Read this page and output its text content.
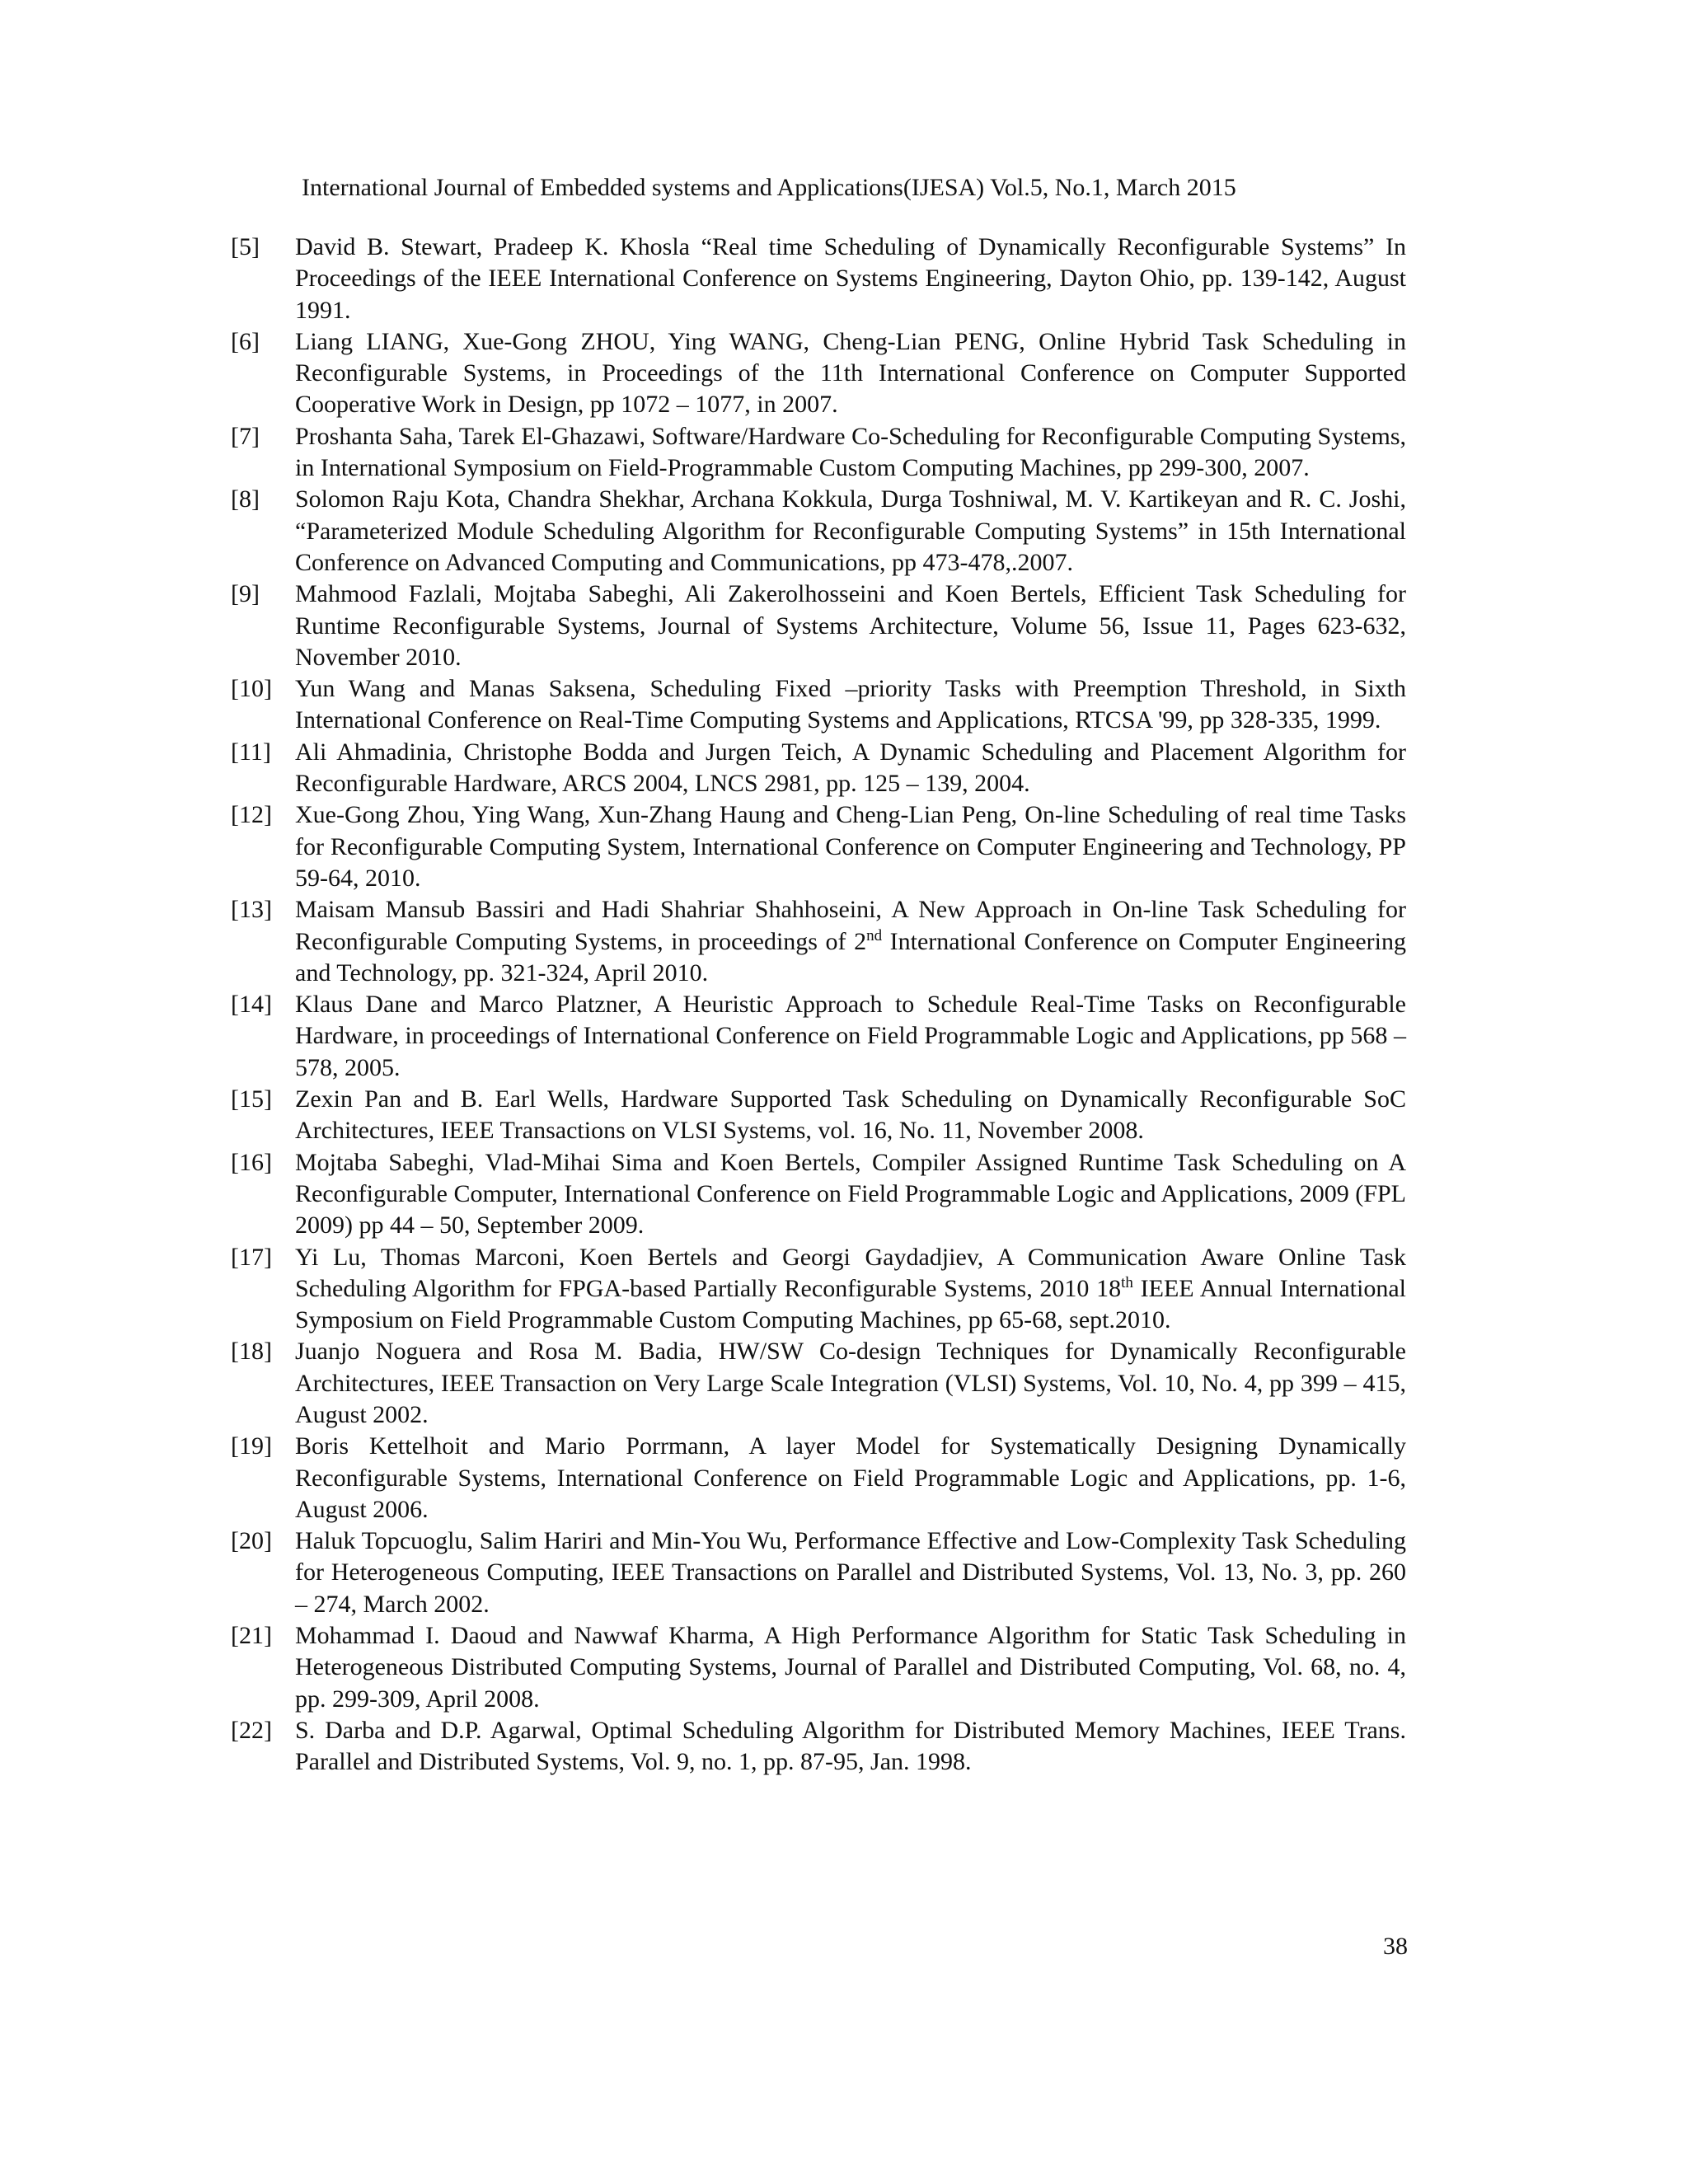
International Journal of Embedded systems and Applications(IJESA) Vol.5, No.1, March 2015
[5]	David B. Stewart, Pradeep K. Khosla “Real time Scheduling of Dynamically Reconfigurable Systems” In Proceedings of the IEEE International Conference on Systems Engineering, Dayton Ohio, pp. 139-142, August 1991.
[6]	Liang LIANG, Xue-Gong ZHOU, Ying WANG, Cheng-Lian PENG, Online Hybrid Task Scheduling in Reconfigurable Systems, in Proceedings of the 11th International Conference on Computer Supported Cooperative Work in Design, pp 1072 – 1077, in 2007.
[7]	Proshanta Saha, Tarek El-Ghazawi, Software/Hardware Co-Scheduling for Reconfigurable Computing Systems, in International Symposium on Field-Programmable Custom Computing Machines, pp 299-300, 2007.
[8]	Solomon Raju Kota, Chandra Shekhar, Archana Kokkula, Durga Toshniwal, M. V. Kartikeyan and R. C. Joshi, “Parameterized Module Scheduling Algorithm for Reconfigurable Computing Systems” in 15th International Conference on Advanced Computing and Communications, pp 473-478,.2007.
[9]	Mahmood Fazlali, Mojtaba Sabeghi, Ali Zakerolhosseini and Koen Bertels, Efficient Task Scheduling for Runtime Reconfigurable Systems, Journal of Systems Architecture, Volume 56, Issue 11, Pages 623-632, November 2010.
[10] Yun Wang and Manas Saksena, Scheduling Fixed –priority Tasks with Preemption Threshold, in Sixth International Conference on Real-Time Computing Systems and Applications, RTCSA '99, pp 328-335, 1999.
[11] Ali Ahmadinia, Christophe Bodda and Jurgen Teich, A Dynamic Scheduling and Placement Algorithm for Reconfigurable Hardware, ARCS 2004, LNCS 2981, pp. 125 – 139, 2004.
[12] Xue-Gong Zhou, Ying Wang, Xun-Zhang Haung and Cheng-Lian Peng, On-line Scheduling of real time Tasks for Reconfigurable Computing System, International Conference on Computer Engineering and Technology, PP 59-64, 2010.
[13] Maisam Mansub Bassiri and Hadi Shahriar Shahhoseini, A New Approach in On-line Task Scheduling for Reconfigurable Computing Systems, in proceedings of 2nd International Conference on Computer Engineering and Technology, pp. 321-324, April 2010.
[14] Klaus Dane and Marco Platzner, A Heuristic Approach to Schedule Real-Time Tasks on Reconfigurable Hardware, in proceedings of International Conference on Field Programmable Logic and Applications, pp 568 – 578, 2005.
[15] Zexin Pan and B. Earl Wells, Hardware Supported Task Scheduling on Dynamically Reconfigurable SoC Architectures, IEEE Transactions on VLSI Systems, vol. 16, No. 11, November 2008.
[16] Mojtaba Sabeghi, Vlad-Mihai Sima and Koen Bertels, Compiler Assigned Runtime Task Scheduling on A Reconfigurable Computer, International Conference on Field Programmable Logic and Applications, 2009 (FPL 2009) pp 44 – 50, September 2009.
[17] Yi Lu, Thomas Marconi, Koen Bertels and Georgi Gaydadjiev, A Communication Aware Online Task Scheduling Algorithm for FPGA-based Partially Reconfigurable Systems, 2010 18th IEEE Annual International Symposium on Field Programmable Custom Computing Machines, pp 65-68, sept.2010.
[18] Juanjo Noguera and Rosa M. Badia, HW/SW Co-design Techniques for Dynamically Reconfigurable Architectures, IEEE Transaction on Very Large Scale Integration (VLSI) Systems, Vol. 10, No. 4, pp 399 – 415, August 2002.
[19] Boris Kettelhoit and Mario Porrmann, A layer Model for Systematically Designing Dynamically Reconfigurable Systems, International Conference on Field Programmable Logic and Applications, pp. 1-6, August 2006.
[20] Haluk Topcuoglu, Salim Hariri and Min-You Wu, Performance Effective and Low-Complexity Task Scheduling for Heterogeneous Computing, IEEE Transactions on Parallel and Distributed Systems, Vol. 13, No. 3, pp. 260 – 274, March 2002.
[21] Mohammad I. Daoud and Nawwaf Kharma, A High Performance Algorithm for Static Task Scheduling in Heterogeneous Distributed Computing Systems, Journal of Parallel and Distributed Computing, Vol. 68, no. 4, pp. 299-309, April 2008.
[22] S. Darba and D.P. Agarwal, Optimal Scheduling Algorithm for Distributed Memory Machines, IEEE Trans. Parallel and Distributed Systems, Vol. 9, no. 1, pp. 87-95, Jan. 1998.
38
